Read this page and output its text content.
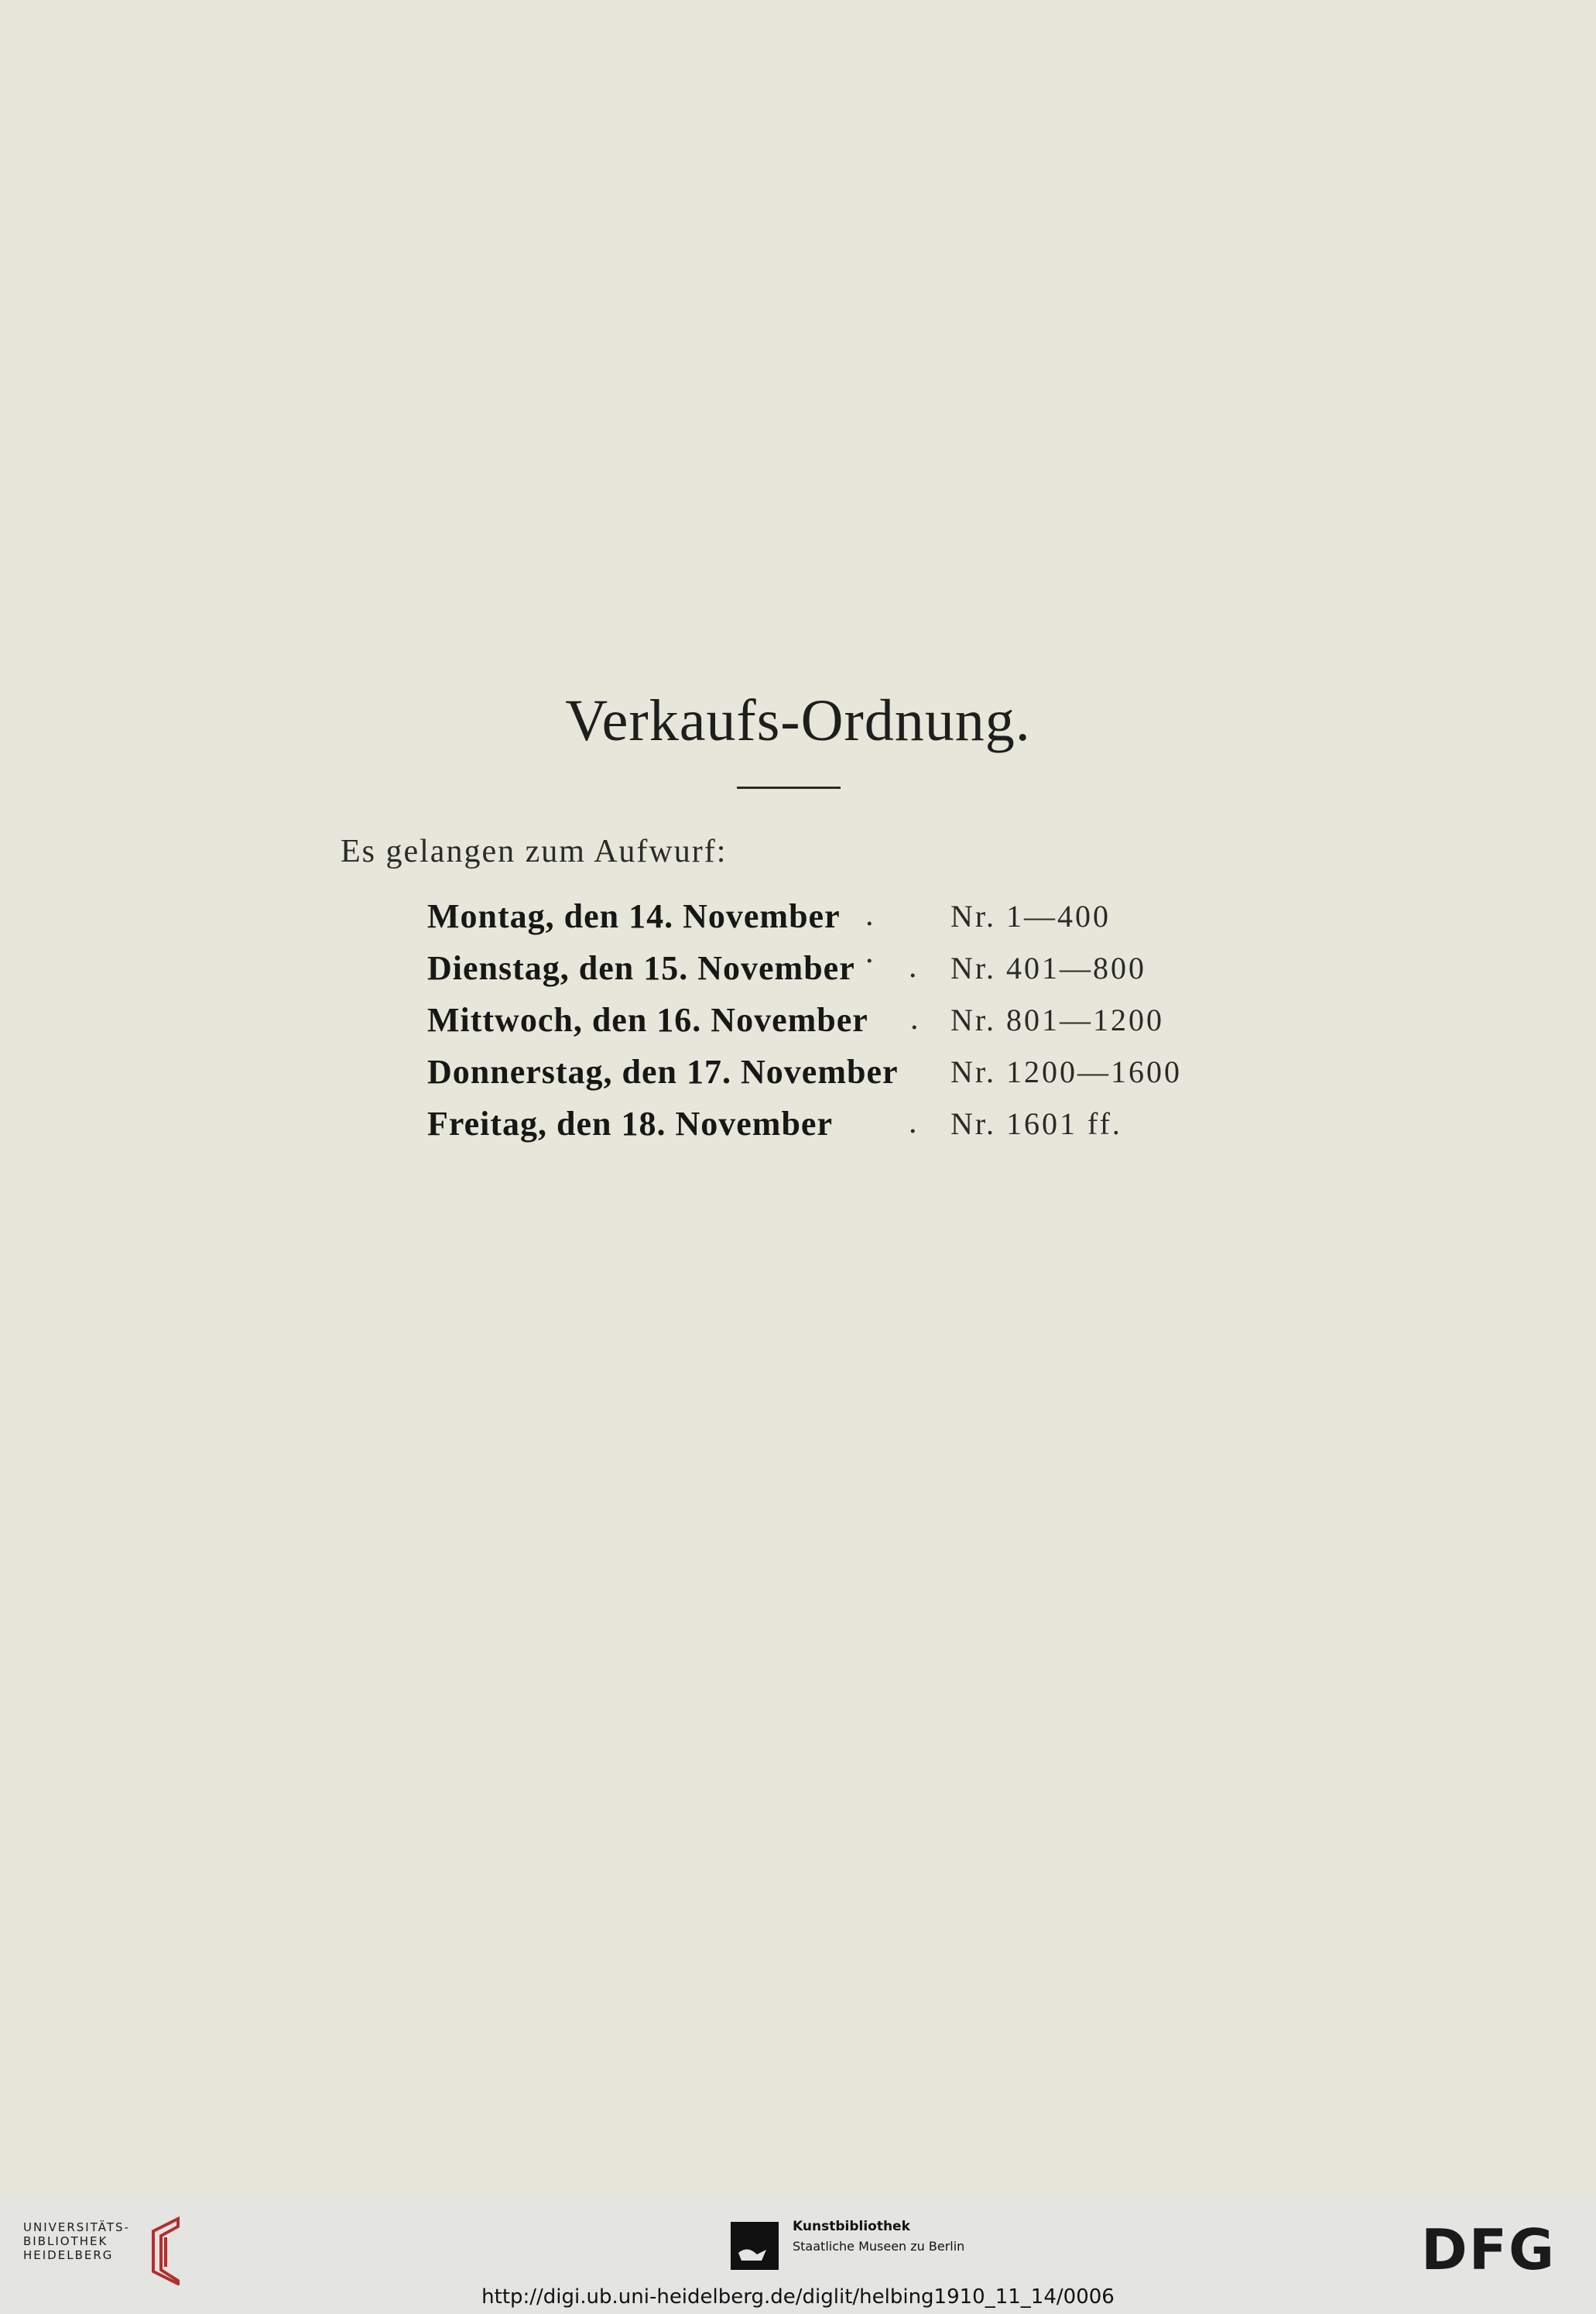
Verkaufs-Ordnung.
Es gelangen zum Aufwurf:
Montag, den 14. November . .
Nr. 1—400
Dienstag, den 15. November . Nr. 401—800
Mittwoch, den 16. November . Nr. 801—1200
Donnerstag, den 17. November Nr. 1200—1600
Freitag, den 18. November . Nr. 1601 ff.
UNIVERSITÄTS-
BIBLIOTHEK
HEIDELBERG
Kunstbibliothek
Staatliche Museen zu Berlin	DFG
http://digi.ub.uni-heidelberg.de/diglit/helbing1910_11_14/0006
